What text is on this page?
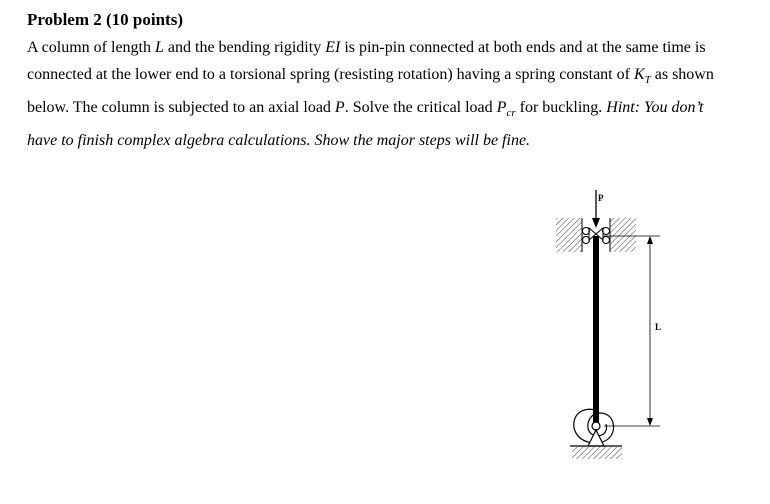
Problem 2 (10 points)

A column of length L and the bending rigidity EI is pin-pin connected at both ends and at the same time is connected at the lower end to a torsional spring (resisting rotation) having a spring constant of $K_T$ as shown below. The column is subjected to an axial load P. Solve the critical load $P_{cr}$ for buckling. Hint: You don’t have to finish complex algebra calculations. Show the major steps will be fine.

P
L
